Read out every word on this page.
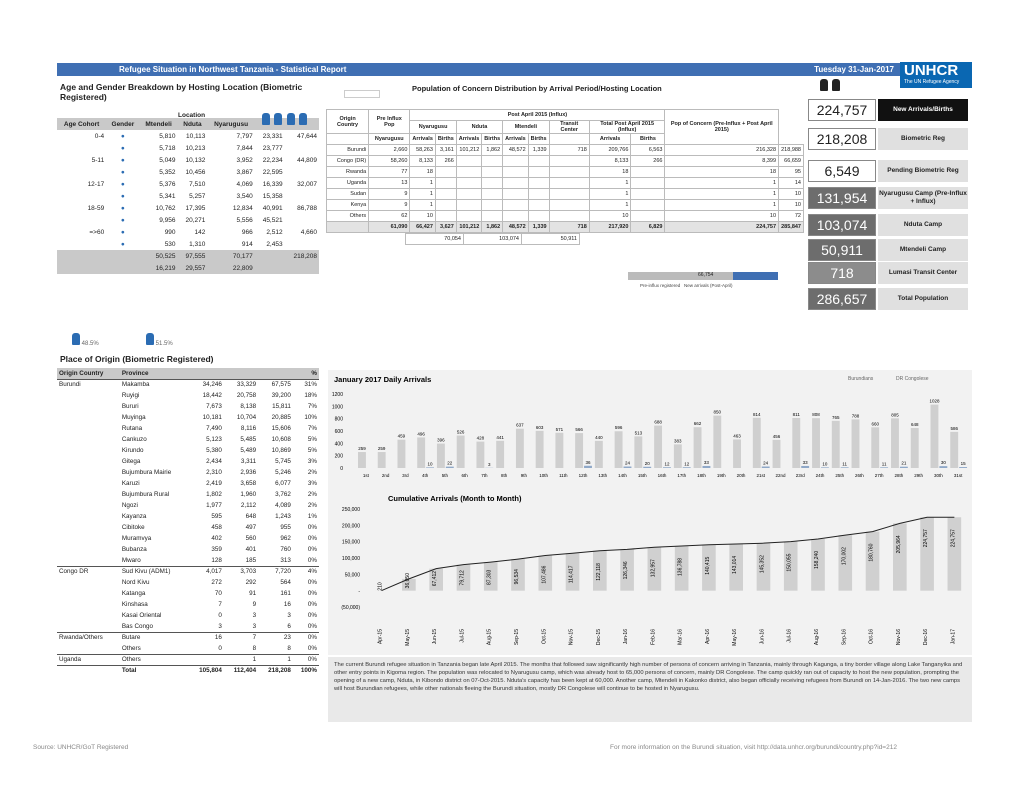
Refugee Situation in Northwest Tanzania - Statistical Report	Tuesday 31-Jan-2017 UNHCR
The UN Refugee Agency
Age and Gender Breakdown by Hosting Location (Biometric Registered)
Location
Age Cohort	Gender	Mtendeli	Nduta	Nyarugusu		
0-4	●	5,810	10,113	7,797	23,331	47,644
	●	5,718	10,213	7,844	23,777	
5-11	●	5,049	10,132	3,952	22,234	44,809
	●	5,352	10,456	3,867	22,595	
12-17	●	5,376	7,510	4,069	16,339	32,007
	●	5,341	5,257	3,540	15,358	
18-59	●	10,762	17,395	12,834	40,991	86,788
	●	9,956	20,271	5,556	45,521	
=>60	●	990	142	966	2,512	4,660
	●	530	1,310	914	2,453	
		50,525	97,555	70,177		218,208
		16,219	29,557	22,809		

48.5%	51.5%
Population of Concern Distribution by Arrival Period/Hosting Location
Origin Country	Pre Influx Pop	Post April 2015 (Influx)									Pop of Concern (Pre-Influx + Post April 2015)	
		Nyarugusu		Nduta		Mtendeli		Transit Center	Total Post April 2015 (Influx)			
	Nyarugusu	Arrivals	Births	Arrivals	Births	Arrivals	Births		Arrivals	Births		
Burundi	2,660	58,263	3,161	101,212	1,862	48,572	1,339	718	209,766	6,563	216,328	218,988
Congo (DR)	58,260	8,133	266						8,133	266	8,399	66,659
Rwanda	77	18							18		18	95
Uganda	13	1							1		1	14
Sudan	9	1							1		1	10
Kenya	9	1							1		1	10
Others	62	10							10		10	72
	61,090	66,427	3,627	101,212	1,862	48,572	1,339	718	217,920	6,829	224,757	285,847
70,054	103,074	50,911
66,754
Pre-influx registered New arrivals (Post-April)

224,757	New Arrivals/Births
218,208	Biometric Reg
6,549	Pending Biometric Reg
131,954	Nyarugusu Camp (Pre-Influx + Influx)
103,074	Nduta Camp
50,911	Mtendeli Camp
718	Lumasi Transit Center
286,657	Total Population
Place of Origin (Biometric Registered)
Origin Country	Province				%
Burundi	Makamba	34,246	33,329	67,575	31%
	Ruyigi	18,442	20,758	39,200	18%
	Bururi	7,673	8,138	15,811	7%
	Muyinga	10,181	10,704	20,885	10%
	Rutana	7,490	8,116	15,606	7%
	Cankuzo	5,123	5,485	10,608	5%
	Kirundo	5,380	5,489	10,869	5%
	Gitega	2,434	3,311	5,745	3%
	Bujumbura Mairie	2,310	2,936	5,246	2%
	Karuzi	2,419	3,658	6,077	3%
	Bujumbura Rural	1,802	1,960	3,762	2%
	Ngozi	1,977	2,112	4,089	2%
	Kayanza	595	648	1,243	1%
	Cibitoke	458	497	955	0%
	Muramvya	402	560	962	0%
	Bubanza	359	401	760	0%
	Mwaro	128	185	313	0%
Congo DR	Sud Kivu (ADM1)	4,017	3,703	7,720	4%
	Nord Kivu	272	292	564	0%
	Katanga	70	91	161	0%
	Kinshasa	7	9	16	0%
	Kasai Oriental	0	3	3	0%
	Bas Congo	3	3	6	0%
Rwanda/Others	Butare	16	7	23	0%
	Others	0	8	8	0%
Uganda	Others		1	1	0%
	Total	105,804	112,404	218,208	100%
January 2017 Daily Arrivals	Burundians	DR Congolese
0
200
400
600
800
1000
1200
259
1st
259
2nd
459
3rd
496
10
4th
396
22
5th
526
6th
428
3
7th
441
8th
637
9th
603
10th
571
11th
566
36
12th
440
13th
596
24
14th
513
20
15th
688
12
16th
383
12
17th
662
33
18th
850
19th
463
20th
814
24
21st
456
22nd
811
33
23rd
808
10
24th
765
11
25th
788
26th
660
11
27th
805
21
28th
648
29th
1028
30
30th
586
15
31st
Cumulative Arrivals (Month to Month)
(50,000)
-
50,000
100,000
150,000
200,000
250,000
210
Apr-15
36,050
May-15
67,412
Jun-15
79,712
Jul-15
87,303
Aug-15
96,534
Sep-15
107,486
Oct-15
114,417
Nov-15
122,118
Dec-15
126,346
Jan-16
132,957
Feb-16
136,788
Mar-16
140,415
Apr-16
143,014
May-16
145,352
Jun-16
150,055
Jul-16
158,240
Aug-16
170,002
Sep-16
180,760
Oct-16
205,964
Nov-16
224,757
Dec-16
224,757
Jan-17
The current Burundi refugee situation in Tanzania began late April 2015. The months that followed saw significantly high number of persons of concern arriving in Tanzania, mainly through Kagunga, a tiny border village along Lake Tanganyika and other entry points in Kigoma region. The population was relocated to Nyarugusu camp, which was already host to 65,000 persons of concern, mainly DR Congolese. The camp quickly ran out of capacity to host the new population, prompting the opening of a new camp, Nduta, in Kibondo district on 07-Oct-2015. Nduta's capacity has been kept at 60,000. Another camp, Mtendeli in Kakonko district, also began officially receiving refugees from Burundi on 14-Jan-2016. The two new camps will host Burundian refugees, while other nationals fleeing the Burundi situation, mostly DR Congolese will continue to be hosted in Nyarugusu.
Source: UNHCR/GoT Registered	For more information on the Burundi situation, visit http://data.unhcr.org/burundi/country.php?id=212
